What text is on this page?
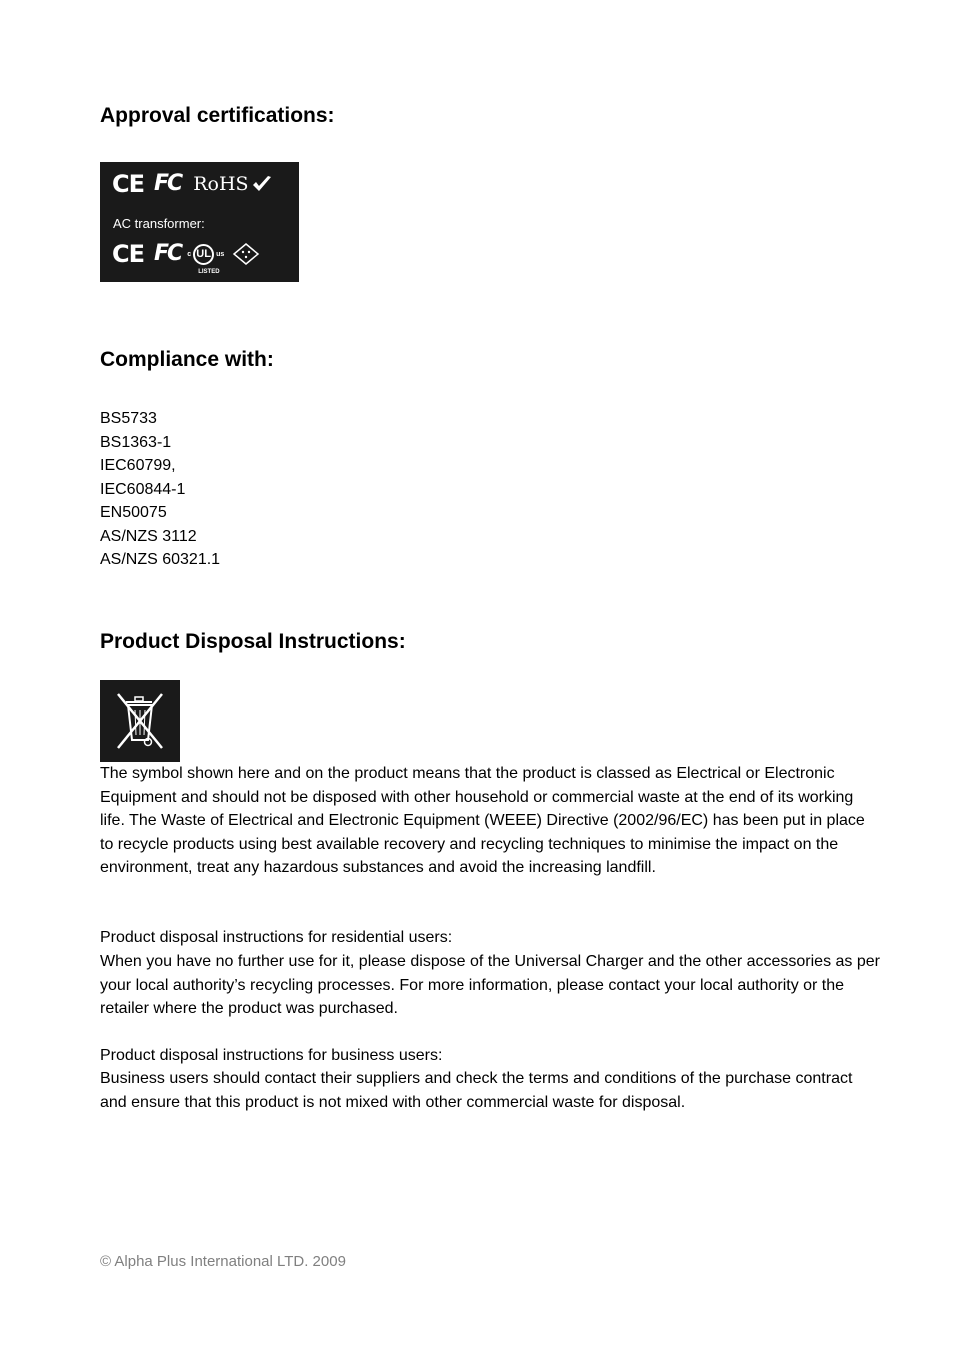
Approval certifications:
CE FC RoHS
AC transformer:
CE FC c UL us
LISTED
Compliance with:
BS5733
BS1363-1
IEC60799,
IEC60844-1
EN50075
AS/NZS 3112
AS/NZS 60321.1
Product Disposal Instructions:

The symbol shown here and on the product means that the product is classed as Electrical or Electronic Equipment and should not be disposed with other household or commercial waste at the end of its working life. The Waste of Electrical and Electronic Equipment (WEEE) Directive (2002/96/EC) has been put in place to recycle products using best available recovery and recycling techniques to minimise the impact on the environment, treat any hazardous substances and avoid the increasing landfill.

Product disposal instructions for residential users:

When you have no further use for it, please dispose of the Universal Charger and the other accessories as per your local authority’s recycling processes. For more information, please contact your local authority or the retailer where the product was purchased.

Product disposal instructions for business users:

Business users should contact their suppliers and check the terms and conditions of the purchase contract and ensure that this product is not mixed with other commercial waste for disposal.

© Alpha Plus International LTD. 2009
